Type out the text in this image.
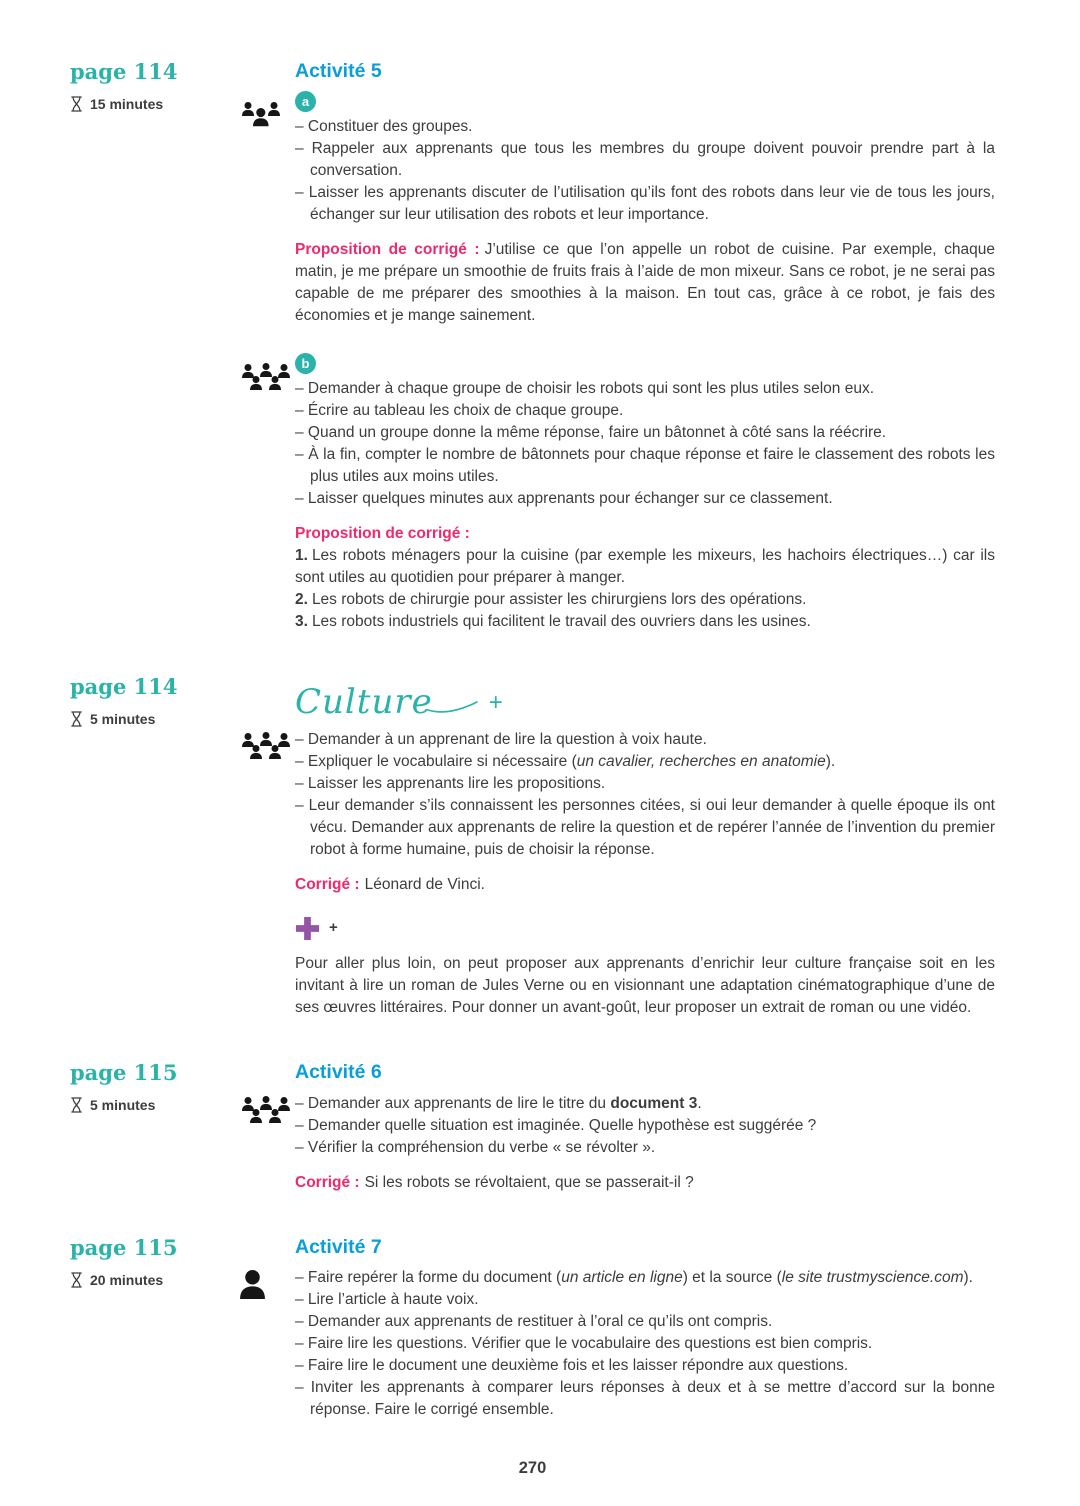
page 114
15 minutes
Activité 5
a
– Constituer des groupes.
– Rappeler aux apprenants que tous les membres du groupe doivent pouvoir prendre part à la conversation.
– Laisser les apprenants discuter de l’utilisation qu’ils font des robots dans leur vie de tous les jours, échanger sur leur utilisation des robots et leur importance.

Proposition de corrigé : J’utilise ce que l’on appelle un robot de cuisine. Par exemple, chaque matin, je me prépare un smoothie de fruits frais à l’aide de mon mixeur. Sans ce robot, je ne serai pas capable de me préparer des smoothies à la maison. En tout cas, grâce à ce robot, je fais des économies et je mange sainement.

b
– Demander à chaque groupe de choisir les robots qui sont les plus utiles selon eux.
– Écrire au tableau les choix de chaque groupe.
– Quand un groupe donne la même réponse, faire un bâtonnet à côté sans la réécrire.
– À la fin, compter le nombre de bâtonnets pour chaque réponse et faire le classement des robots les plus utiles aux moins utiles.
– Laisser quelques minutes aux apprenants pour échanger sur ce classement.

Proposition de corrigé :

1. Les robots ménagers pour la cuisine (par exemple les mixeurs, les hachoirs électriques…) car ils sont utiles au quotidien pour préparer à manger.
2. Les robots de chirurgie pour assister les chirurgiens lors des opérations.
3. Les robots industriels qui facilitent le travail des ouvriers dans les usines.
page 114
5 minutes	Culture +
– Demander à un apprenant de lire la question à voix haute.
– Expliquer le vocabulaire si nécessaire (un cavalier, recherches en anatomie).
– Laisser les apprenants lire les propositions.
– Leur demander s’ils connaissent les personnes citées, si oui leur demander à quelle époque ils ont vécu. Demander aux apprenants de relire la question et de repérer l’année de l’invention du premier robot à forme humaine, puis de choisir la réponse.

Corrigé : Léonard de Vinci.

+

Pour aller plus loin, on peut proposer aux apprenants d’enrichir leur culture française soit en les invitant à lire un roman de Jules Verne ou en visionnant une adaptation cinématographique d’une de ses œuvres littéraires. Pour donner un avant-goût, leur proposer un extrait de roman ou une vidéo.

page 115
5 minutes
Activité 6
– Demander aux apprenants de lire le titre du document 3.
– Demander quelle situation est imaginée. Quelle hypothèse est suggérée ?
– Vérifier la compréhension du verbe « se révolter ».

Corrigé : Si les robots se révoltaient, que se passerait-il ?

page 115
20 minutes
Activité 7
– Faire repérer la forme du document (un article en ligne) et la source (le site trustmyscience.com).
– Lire l’article à haute voix.
– Demander aux apprenants de restituer à l’oral ce qu’ils ont compris.
– Faire lire les questions. Vérifier que le vocabulaire des questions est bien compris.
– Faire lire le document une deuxième fois et les laisser répondre aux questions.
– Inviter les apprenants à comparer leurs réponses à deux et à se mettre d’accord sur la bonne réponse. Faire le corrigé ensemble.
270
